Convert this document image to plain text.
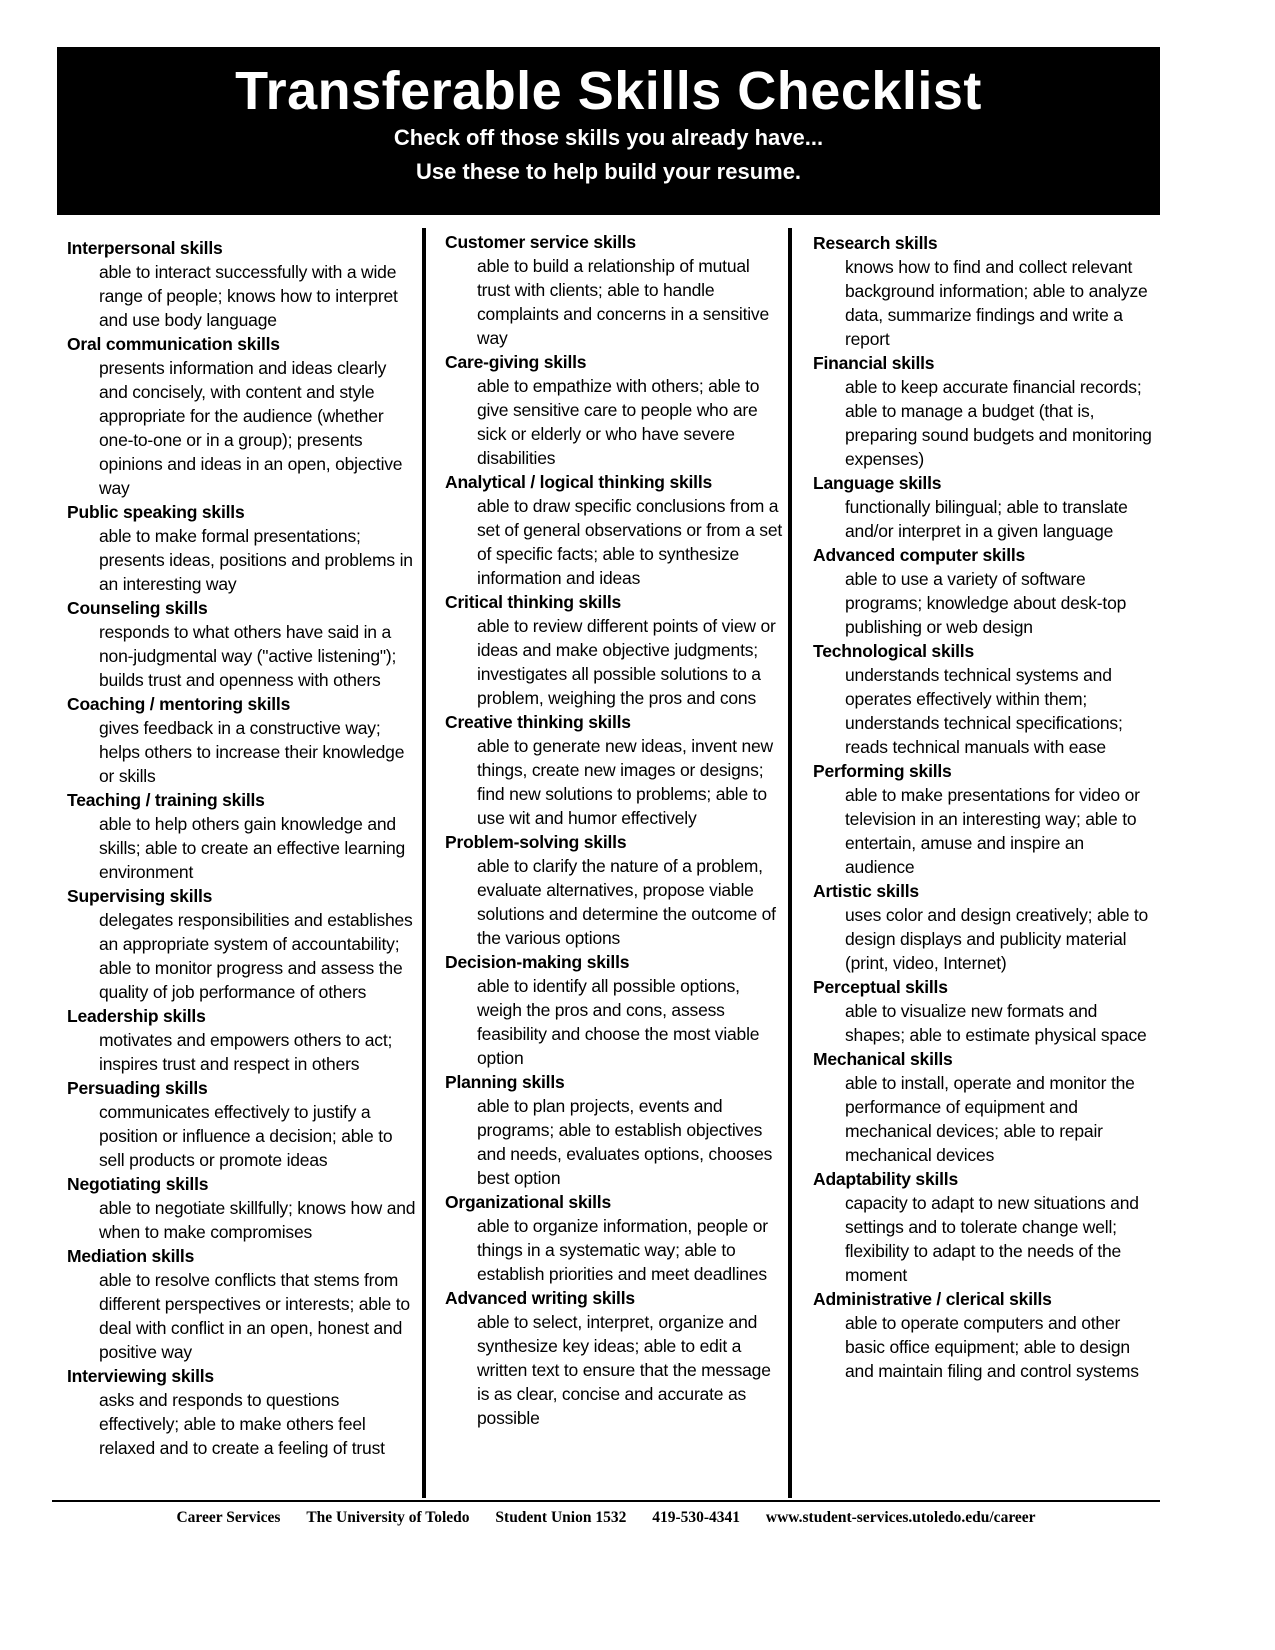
Transferable Skills Checklist
Check off those skills you already have...
Use these to help build your resume.
Interpersonal skills
able to interact successfully with a wide range of people; knows how to interpret and use body language
Oral communication skills
presents information and ideas clearly and concisely, with content and style appropriate for the audience (whether one-to-one or in a group); presents opinions and ideas in an open, objective way
Public speaking skills
able to make formal presentations; presents ideas, positions and problems in an interesting way
Counseling skills
responds to what others have said in a non-judgmental way ("active listening"); builds trust and openness with others
Coaching / mentoring skills
gives feedback in a constructive way; helps others to increase their knowledge or skills
Teaching / training skills
able to help others gain knowledge and skills; able to create an effective learning environment
Supervising skills
delegates responsibilities and establishes an appropriate system of accountability; able to monitor progress and assess the quality of job performance of others
Leadership skills
motivates and empowers others to act; inspires trust and respect in others
Persuading skills
communicates effectively to justify a position or influence a decision; able to sell products or promote ideas
Negotiating skills
able to negotiate skillfully; knows how and when to make compromises
Mediation skills
able to resolve conflicts that stems from different perspectives or interests; able to deal with conflict in an open, honest and positive way
Interviewing skills
asks and responds to questions effectively; able to make others feel relaxed and to create a feeling of trust
Customer service skills
able to build a relationship of mutual trust with clients; able to handle complaints and concerns in a sensitive way
Care-giving skills
able to empathize with others; able to give sensitive care to people who are sick or elderly or who have severe disabilities
Analytical / logical thinking skills
able to draw specific conclusions from a set of general observations or from a set of specific facts; able to synthesize information and ideas
Critical thinking skills
able to review different points of view or ideas and make objective judgments; investigates all possible solutions to a problem, weighing the pros and cons
Creative thinking skills
able to generate new ideas, invent new things, create new images or designs; find new solutions to problems; able to use wit and humor effectively
Problem-solving skills
able to clarify the nature of a problem, evaluate alternatives, propose viable solutions and determine the outcome of the various options
Decision-making skills
able to identify all possible options, weigh the pros and cons, assess feasibility and choose the most viable option
Planning skills
able to plan projects, events and programs; able to establish objectives and needs, evaluates options, chooses best option
Organizational skills
able to organize information, people or things in a systematic way; able to establish priorities and meet deadlines
Advanced writing skills
able to select, interpret, organize and synthesize key ideas; able to edit a written text to ensure that the message is as clear, concise and accurate as possible
Research skills
knows how to find and collect relevant background information; able to analyze data, summarize findings and write a report
Financial skills
able to keep accurate financial records; able to manage a budget (that is, preparing sound budgets and monitoring expenses)
Language skills
functionally bilingual; able to translate and/or interpret in a given language
Advanced computer skills
able to use a variety of software programs; knowledge about desk-top publishing or web design
Technological skills
understands technical systems and operates effectively within them; understands technical specifications; reads technical manuals with ease
Performing skills
able to make presentations for video or television in an interesting way; able to entertain, amuse and inspire an audience
Artistic skills
uses color and design creatively; able to design displays and publicity material (print, video, Internet)
Perceptual skills
able to visualize new formats and shapes; able to estimate physical space
Mechanical skills
able to install, operate and monitor the performance of equipment and mechanical devices; able to repair mechanical devices
Adaptability skills
capacity to adapt to new situations and settings and to tolerate change well; flexibility to adapt to the needs of the moment
Administrative / clerical skills
able to operate computers and other basic office equipment; able to design and maintain filing and control systems
Career Services The University of Toledo Student Union 1532 419-530-4341 www.student-services.utoledo.edu/career
